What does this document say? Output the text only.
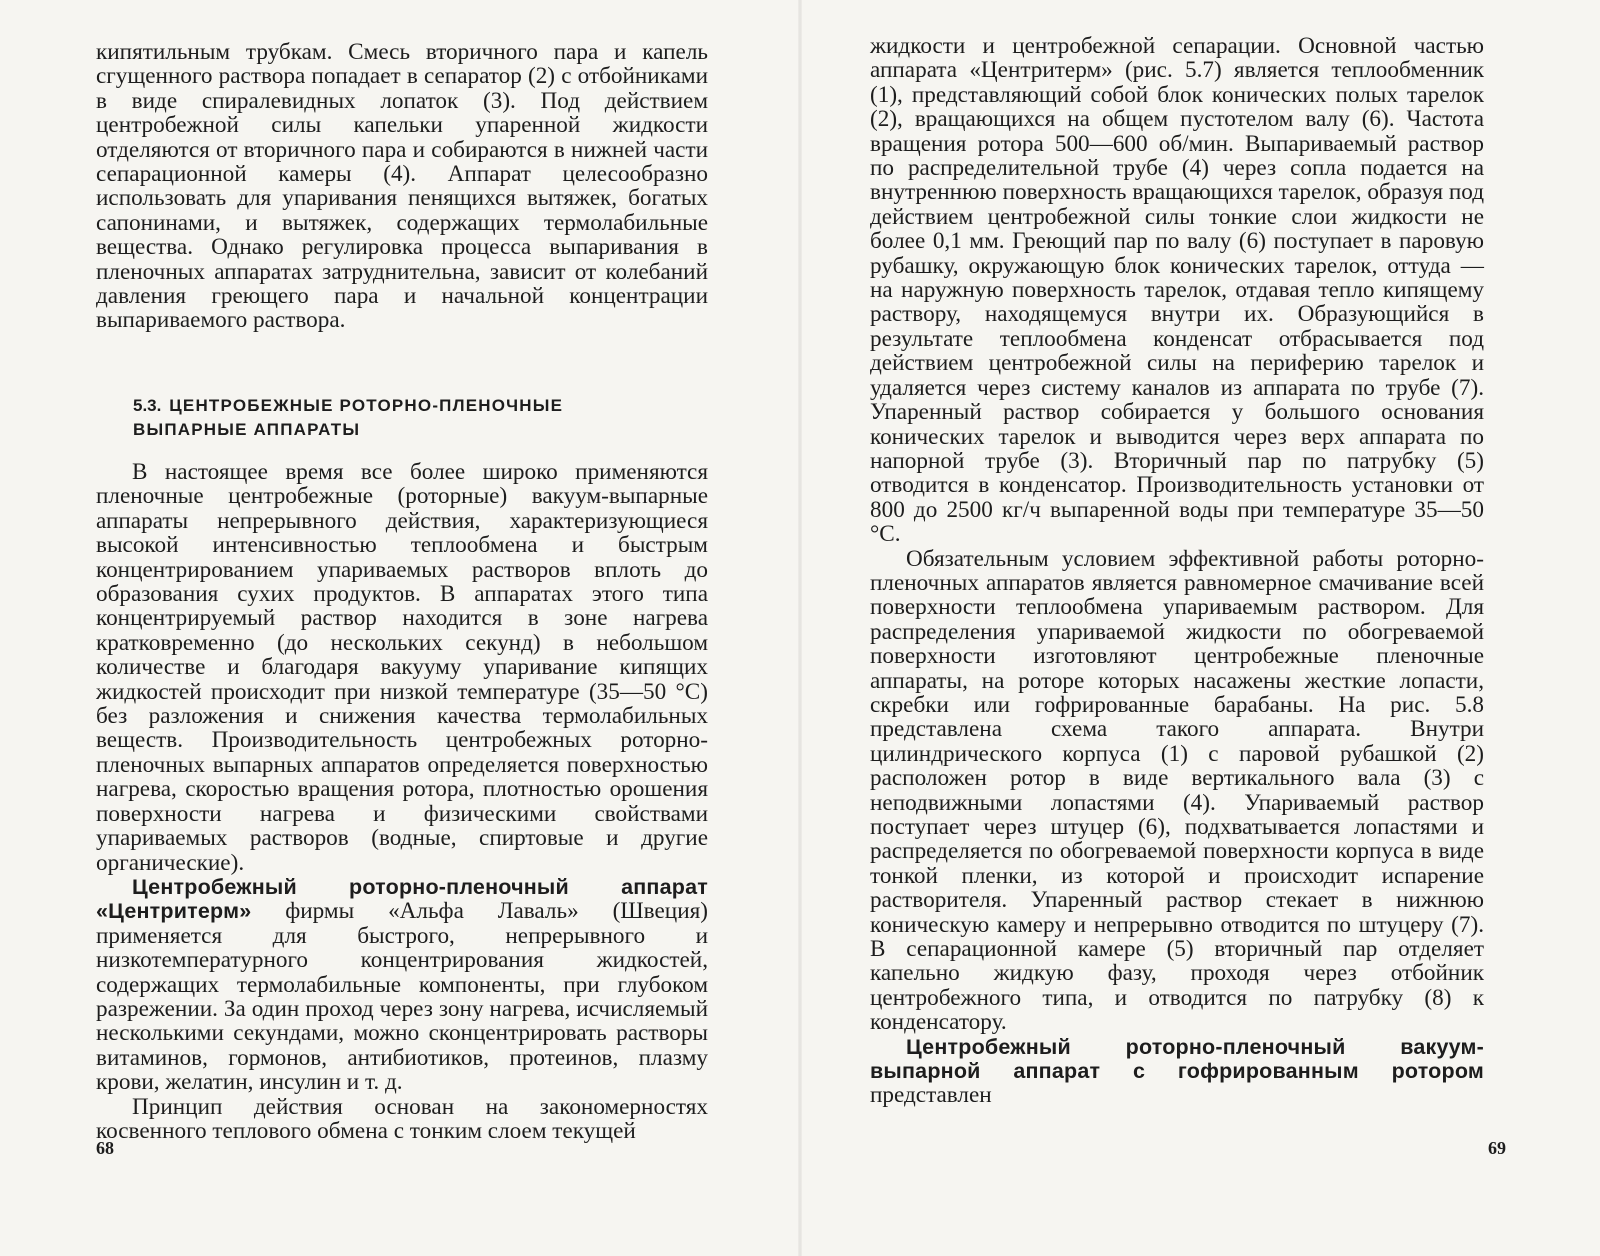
кипятильным трубкам. Смесь вторичного пара и капель сгущенного раствора попадает в сепаратор (2) с отбойниками в виде спиралевидных лопаток (3). Под действием центробежной силы капельки упаренной жидкости отделяются от вторичного пара и собираются в нижней части сепарационной камеры (4). Аппарат целесообразно использовать для упаривания пенящихся вытяжек, богатых сапонинами, и вытяжек, содержащих термолабильные вещества. Однако регулировка процесса выпаривания в пленочных аппаратах затруднительна, зависит от колебаний давления греющего пара и начальной концентрации выпариваемого раствора.

5.3. ЦЕНТРОБЕЖНЫЕ РОТОРНО-ПЛЕНОЧНЫЕ
ВЫПАРНЫЕ АППАРАТЫ

В настоящее время все более широко применяются пленочные центробежные (роторные) вакуум-выпарные аппараты непрерывного действия, характеризующиеся высокой интенсивностью теплообмена и быстрым концентрированием упариваемых растворов вплоть до образования сухих продуктов. В аппаратах этого типа концентрируемый раствор находится в зоне нагрева кратковременно (до нескольких секунд) в небольшом количестве и благодаря вакууму упаривание кипящих жидкостей происходит при низкой температуре (35—50 °С) без разложения и снижения качества термолабильных веществ. Производительность центробежных роторно-пленочных выпарных аппаратов определяется поверхностью нагрева, скоростью вращения ротора, плотностью орошения поверхности нагрева и физическими свойствами упариваемых растворов (водные, спиртовые и другие органические).

Центробежный роторно-пленочный аппарат «Центритерм» фирмы «Альфа Лаваль» (Швеция) применяется для быстрого, непрерывного и низкотемпературного концентрирования жидкостей, содержащих термолабильные компоненты, при глубоком разрежении. За один проход через зону нагрева, исчисляемый несколькими секундами, можно сконцентрировать растворы витаминов, гормонов, антибиотиков, протеинов, плазму крови, желатин, инсулин и т. д.

Принцип действия основан на закономерностях косвенного теплового обмена с тонким слоем текущей

68

жидкости и центробежной сепарации. Основной частью аппарата «Центритерм» (рис. 5.7) является теплообменник (1), представляющий собой блок конических полых тарелок (2), вращающихся на общем пустотелом валу (6). Частота вращения ротора 500—600 об/мин. Выпариваемый раствор по распределительной трубе (4) через сопла подается на внутреннюю поверхность вращающихся тарелок, образуя под действием центробежной силы тонкие слои жидкости не более 0,1 мм. Греющий пар по валу (6) поступает в паровую рубашку, окружающую блок конических тарелок, оттуда — на наружную поверхность тарелок, отдавая тепло кипящему раствору, находящемуся внутри их. Образующийся в результате теплообмена конденсат отбрасывается под действием центробежной силы на периферию тарелок и удаляется через систему каналов из аппарата по трубе (7). Упаренный раствор собирается у большого основания конических тарелок и выводится через верх аппарата по напорной трубе (3). Вторичный пар по патрубку (5) отводится в конденсатор. Производительность установки от 800 до 2500 кг/ч выпаренной воды при температуре 35—50 °С.

Обязательным условием эффективной работы роторно-пленочных аппаратов является равномерное смачивание всей поверхности теплообмена упариваемым раствором. Для распределения упариваемой жидкости по обогреваемой поверхности изготовляют центробежные пленочные аппараты, на роторе которых насажены жесткие лопасти, скребки или гофрированные барабаны. На рис. 5.8 представлена схема такого аппарата. Внутри цилиндрического корпуса (1) с паровой рубашкой (2) расположен ротор в виде вертикального вала (3) с неподвижными лопастями (4). Упариваемый раствор поступает через штуцер (6), подхватывается лопастями и распределяется по обогреваемой поверхности корпуса в виде тонкой пленки, из которой и происходит испарение растворителя. Упаренный раствор стекает в нижнюю коническую камеру и непрерывно отводится по штуцеру (7). В сепарационной камере (5) вторичный пар отделяет капельно жидкую фазу, проходя через отбойник центробежного типа, и отводится по патрубку (8) к конденсатору.

Центробежный роторно-пленочный вакуум-выпарной аппарат с гофрированным ротором представлен

69
